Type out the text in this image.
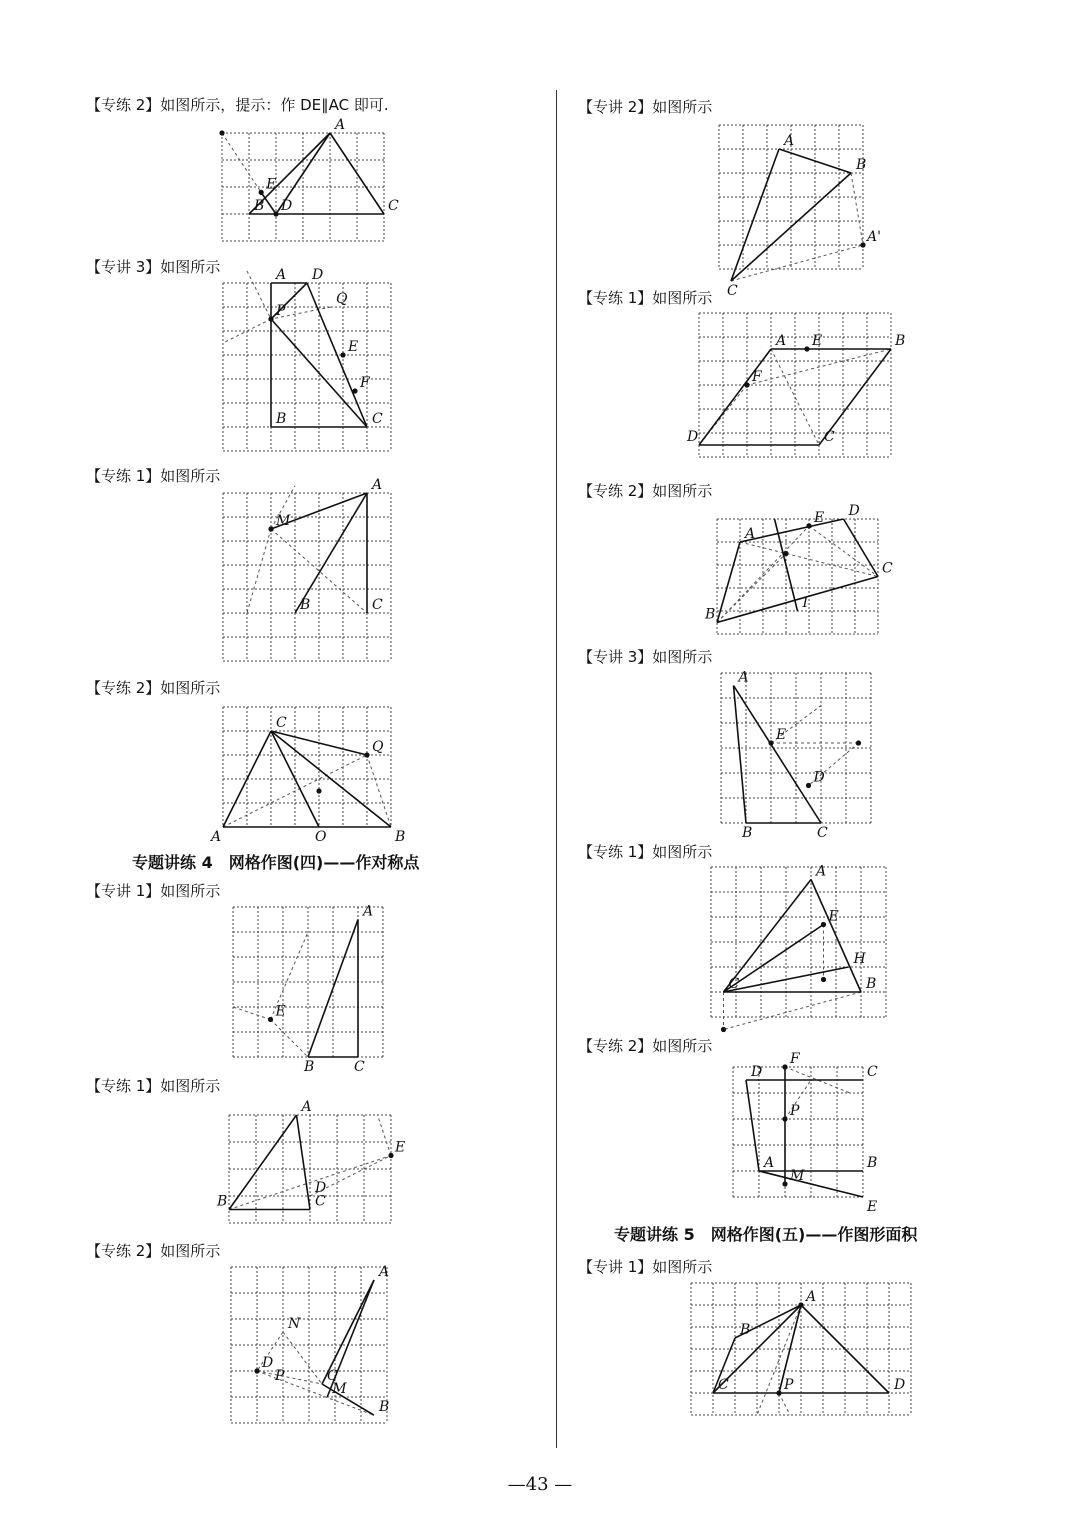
【专练 2】如图所示，提示：作 DE∥AC 即可.
【专讲 3】如图所示
【专练 1】如图所示
【专练 2】如图所示
专题讲练 4　网格作图(四)——作对称点
【专讲 1】如图所示
【专练 1】如图所示
【专练 2】如图所示
【专讲 2】如图所示
【专练 1】如图所示
【专练 2】如图所示
【专讲 3】如图所示
【专练 1】如图所示
【专练 2】如图所示
专题讲练 5　网格作图(五)——作图形面积
【专讲 1】如图所示
A
B	C
D
E
A D
Q
P
E
F
B	C
A
M
B	C
C
Q
A	O	B
A
E
B	C
A
E
D
B	C
A
N
D
P	C
M
B
A
B
A'
C
A E	B
F
D	C
A
D
E
C
I
B
A
E
D
B	C
A
E
H
C	B
F
D	C
P
A	B
M
E
A
B
C	P	D
—43 —
